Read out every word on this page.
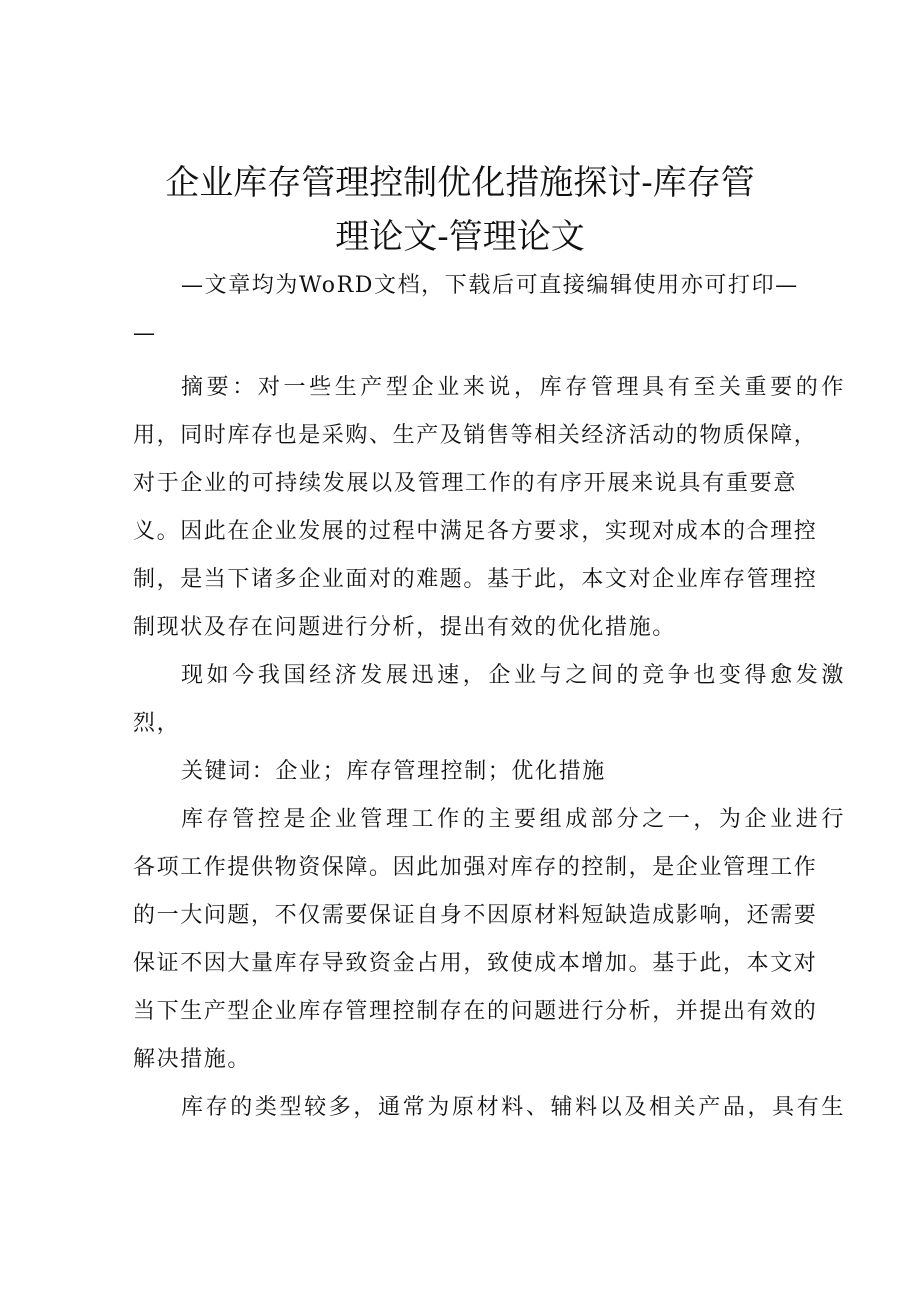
企业库存管理控制优化措施探讨-库存管
理论文-管理论文
—文章均为WoRD文档，下载后可直接编辑使用亦可打印—
—
摘要：对一些生产型企业来说，库存管理具有至关重要的作
用，同时库存也是采购、生产及销售等相关经济活动的物质保障，
对于企业的可持续发展以及管理工作的有序开展来说具有重要意
义。因此在企业发展的过程中满足各方要求，实现对成本的合理控
制，是当下诸多企业面对的难题。基于此，本文对企业库存管理控
制现状及存在问题进行分析，提出有效的优化措施。
现如今我国经济发展迅速，企业与之间的竞争也变得愈发激
烈，
关键词：企业；库存管理控制；优化措施
库存管控是企业管理工作的主要组成部分之一，为企业进行
各项工作提供物资保障。因此加强对库存的控制，是企业管理工作
的一大问题，不仅需要保证自身不因原材料短缺造成影响，还需要
保证不因大量库存导致资金占用，致使成本增加。基于此，本文对
当下生产型企业库存管理控制存在的问题进行分析，并提出有效的
解决措施。
库存的类型较多，通常为原材料、辅料以及相关产品，具有生
